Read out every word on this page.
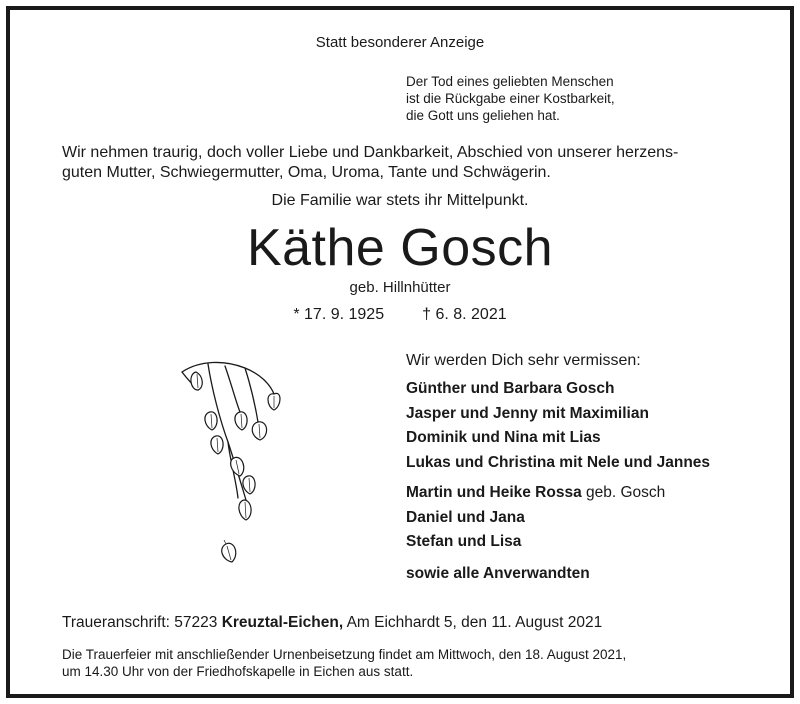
Statt besonderer Anzeige
Der Tod eines geliebten Menschen
ist die Rückgabe einer Kostbarkeit,
die Gott uns geliehen hat.
Wir nehmen traurig, doch voller Liebe und Dankbarkeit, Abschied von unserer herzens-
guten Mutter, Schwiegermutter, Oma, Uroma, Tante und Schwägerin.
Die Familie war stets ihr Mittelpunkt.
Käthe Gosch
geb. Hillnhütter
* 17. 9. 1925 † 6. 8. 2021
Wir werden Dich sehr vermissen:
Günther und Barbara Gosch
Jasper und Jenny mit Maximilian
Dominik und Nina mit Lias
Lukas und Christina mit Nele und Jannes
Martin und Heike Rossa geb. Gosch
Daniel und Jana
Stefan und Lisa
sowie alle Anverwandten
Traueranschrift: 57223 Kreuztal-Eichen, Am Eichhardt 5, den 11. August 2021
Die Trauerfeier mit anschließender Urnenbeisetzung findet am Mittwoch, den 18. August 2021,
um 14.30 Uhr von der Friedhofskapelle in Eichen aus statt.
